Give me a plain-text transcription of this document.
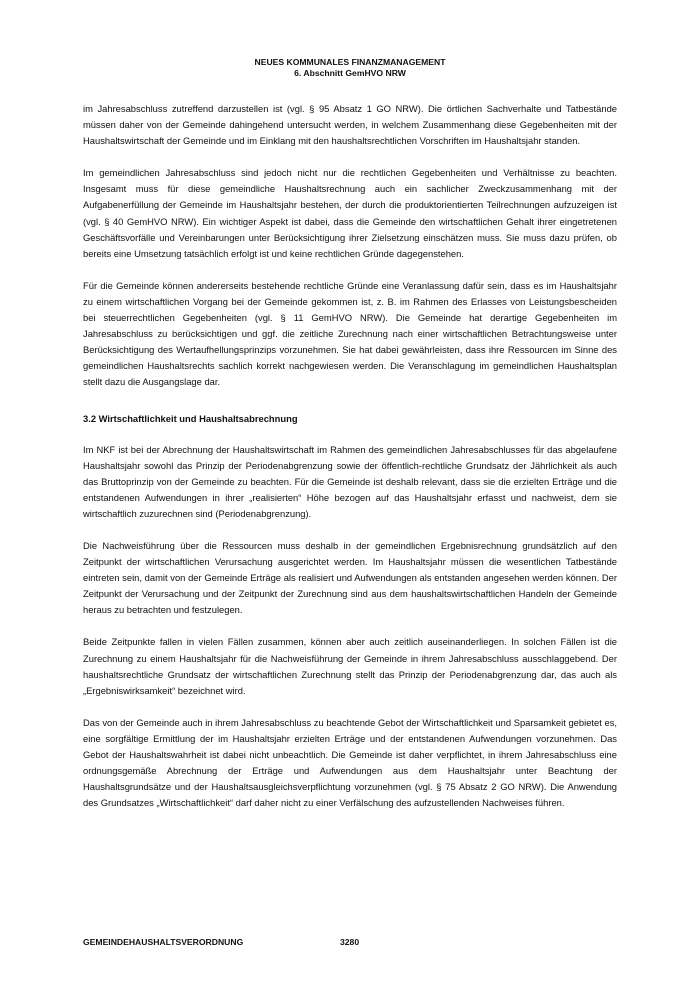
NEUES KOMMUNALES FINANZMANAGEMENT
6. Abschnitt GemHVO NRW

im Jahresabschluss zutreffend darzustellen ist (vgl. § 95 Absatz 1 GO NRW). Die örtlichen Sachverhalte und Tatbestände müssen daher von der Gemeinde dahingehend untersucht werden, in welchem Zusammenhang diese Gegebenheiten mit der Haushaltswirtschaft der Gemeinde und im Einklang mit den haushaltsrechtlichen Vorschriften im Haushaltsjahr standen.

Im gemeindlichen Jahresabschluss sind jedoch nicht nur die rechtlichen Gegebenheiten und Verhältnisse zu beachten. Insgesamt muss für diese gemeindliche Haushaltsrechnung auch ein sachlicher Zweckzusammenhang mit der Aufgabenerfüllung der Gemeinde im Haushaltsjahr bestehen, der durch die produktorientierten Teilrechnungen aufzuzeigen ist (vgl. § 40 GemHVO NRW). Ein wichtiger Aspekt ist dabei, dass die Gemeinde den wirtschaftlichen Gehalt ihrer eingetretenen Geschäftsvorfälle und Vereinbarungen unter Berücksichtigung ihrer Zielsetzung einschätzen muss. Sie muss dazu prüfen, ob bereits eine Umsetzung tatsächlich erfolgt ist und keine rechtlichen Gründe dagegenstehen.

Für die Gemeinde können andererseits bestehende rechtliche Gründe eine Veranlassung dafür sein, dass es im Haushaltsjahr zu einem wirtschaftlichen Vorgang bei der Gemeinde gekommen ist, z. B. im Rahmen des Erlasses von Leistungsbescheiden bei steuerrechtlichen Gegebenheiten (vgl. § 11 GemHVO NRW). Die Gemeinde hat derartige Gegebenheiten im Jahresabschluss zu berücksichtigen und ggf. die zeitliche Zurechnung nach einer wirtschaftlichen Betrachtungsweise unter Berücksichtigung des Wertaufhellungsprinzips vorzunehmen. Sie hat dabei gewährleisten, dass ihre Ressourcen im Sinne des gemeindlichen Haushaltsrechts sachlich korrekt nachgewiesen werden. Die Veranschlagung im gemeindlichen Haushaltsplan stellt dazu die Ausgangslage dar.

3.2 Wirtschaftlichkeit und Haushaltsabrechnung

Im NKF ist bei der Abrechnung der Haushaltswirtschaft im Rahmen des gemeindlichen Jahresabschlusses für das abgelaufene Haushaltsjahr sowohl das Prinzip der Periodenabgrenzung sowie der öffentlich-rechtliche Grundsatz der Jährlichkeit als auch das Bruttoprinzip von der Gemeinde zu beachten. Für die Gemeinde ist deshalb relevant, dass sie die erzielten Erträge und die entstandenen Aufwendungen in ihrer „realisierten“ Höhe bezogen auf das Haushaltsjahr erfasst und nachweist, dem sie wirtschaftlich zuzurechnen sind (Periodenabgrenzung).

Die Nachweisführung über die Ressourcen muss deshalb in der gemeindlichen Ergebnisrechnung grundsätzlich auf den Zeitpunkt der wirtschaftlichen Verursachung ausgerichtet werden. Im Haushaltsjahr müssen die wesentlichen Tatbestände eintreten sein, damit von der Gemeinde Erträge als realisiert und Aufwendungen als entstanden angesehen werden können. Der Zeitpunkt der Verursachung und der Zeitpunkt der Zurechnung sind aus dem haushaltswirtschaftlichen Handeln der Gemeinde heraus zu betrachten und festzulegen.

Beide Zeitpunkte fallen in vielen Fällen zusammen, können aber auch zeitlich auseinanderliegen. In solchen Fällen ist die Zurechnung zu einem Haushaltsjahr für die Nachweisführung der Gemeinde in ihrem Jahresabschluss ausschlaggebend. Der haushaltsrechtliche Grundsatz der wirtschaftlichen Zurechnung stellt das Prinzip der Periodenabgrenzung dar, das auch als „Ergebniswirksamkeit“ bezeichnet wird.

Das von der Gemeinde auch in ihrem Jahresabschluss zu beachtende Gebot der Wirtschaftlichkeit und Sparsamkeit gebietet es, eine sorgfältige Ermittlung der im Haushaltsjahr erzielten Erträge und der entstandenen Aufwendungen vorzunehmen. Das Gebot der Haushaltswahrheit ist dabei nicht unbeachtlich. Die Gemeinde ist daher verpflichtet, in ihrem Jahresabschluss eine ordnungsgemäße Abrechnung der Erträge und Aufwendungen aus dem Haushaltsjahr unter Beachtung der Haushaltsgrundsätze und der Haushaltsausgleichsverpflichtung vorzunehmen (vgl. § 75 Absatz 2 GO NRW). Die Anwendung des Grundsatzes „Wirtschaftlichkeit“ darf daher nicht zu einer Verfälschung des aufzustellenden Nachweises führen.

GEMEINDEHAUSHALTSVERORDNUNG	3280
